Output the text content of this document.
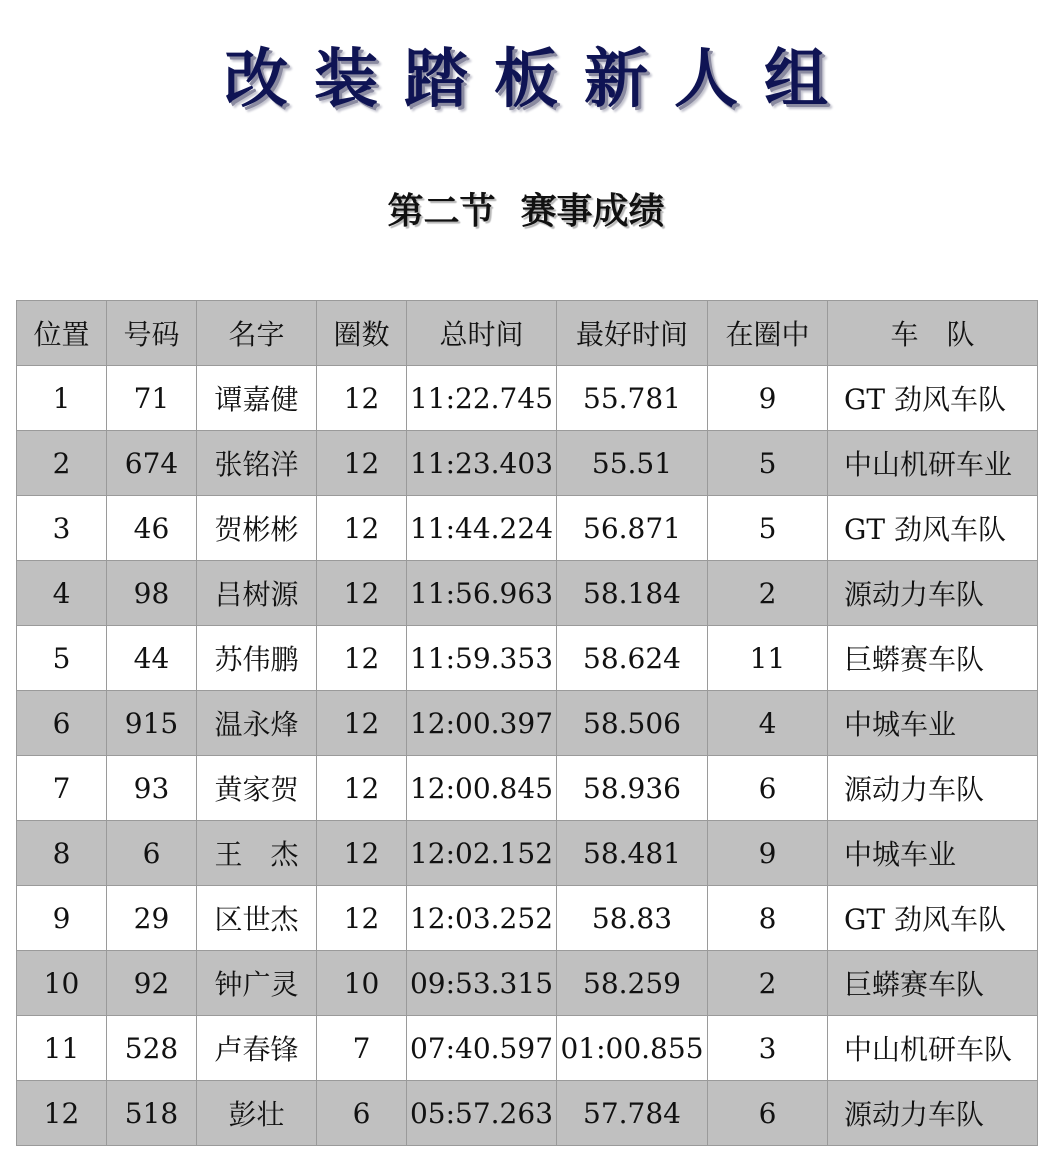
改装踏板新人组
第二节  赛事成绩
位置	号码	名字	圈数	总时间	最好时间	在圈中	车　队
1	71	谭嘉健	12	11:22.745	55.781	9	GT 劲风车队
2	674	张铭洋	12	11:23.403	55.51	5	中山机研车业
3	46	贺彬彬	12	11:44.224	56.871	5	GT 劲风车队
4	98	吕树源	12	11:56.963	58.184	2	源动力车队
5	44	苏伟鹏	12	11:59.353	58.624	11	巨蟒赛车队
6	915	温永烽	12	12:00.397	58.506	4	中城车业
7	93	黄家贺	12	12:00.845	58.936	6	源动力车队
8	6	王　杰	12	12:02.152	58.481	9	中城车业
9	29	区世杰	12	12:03.252	58.83	8	GT 劲风车队
10	92	钟广灵	10	09:53.315	58.259	2	巨蟒赛车队
11	528	卢春锋	7	07:40.597	01:00.855	3	中山机研车队
12	518	彭壮	6	05:57.263	57.784	6	源动力车队
